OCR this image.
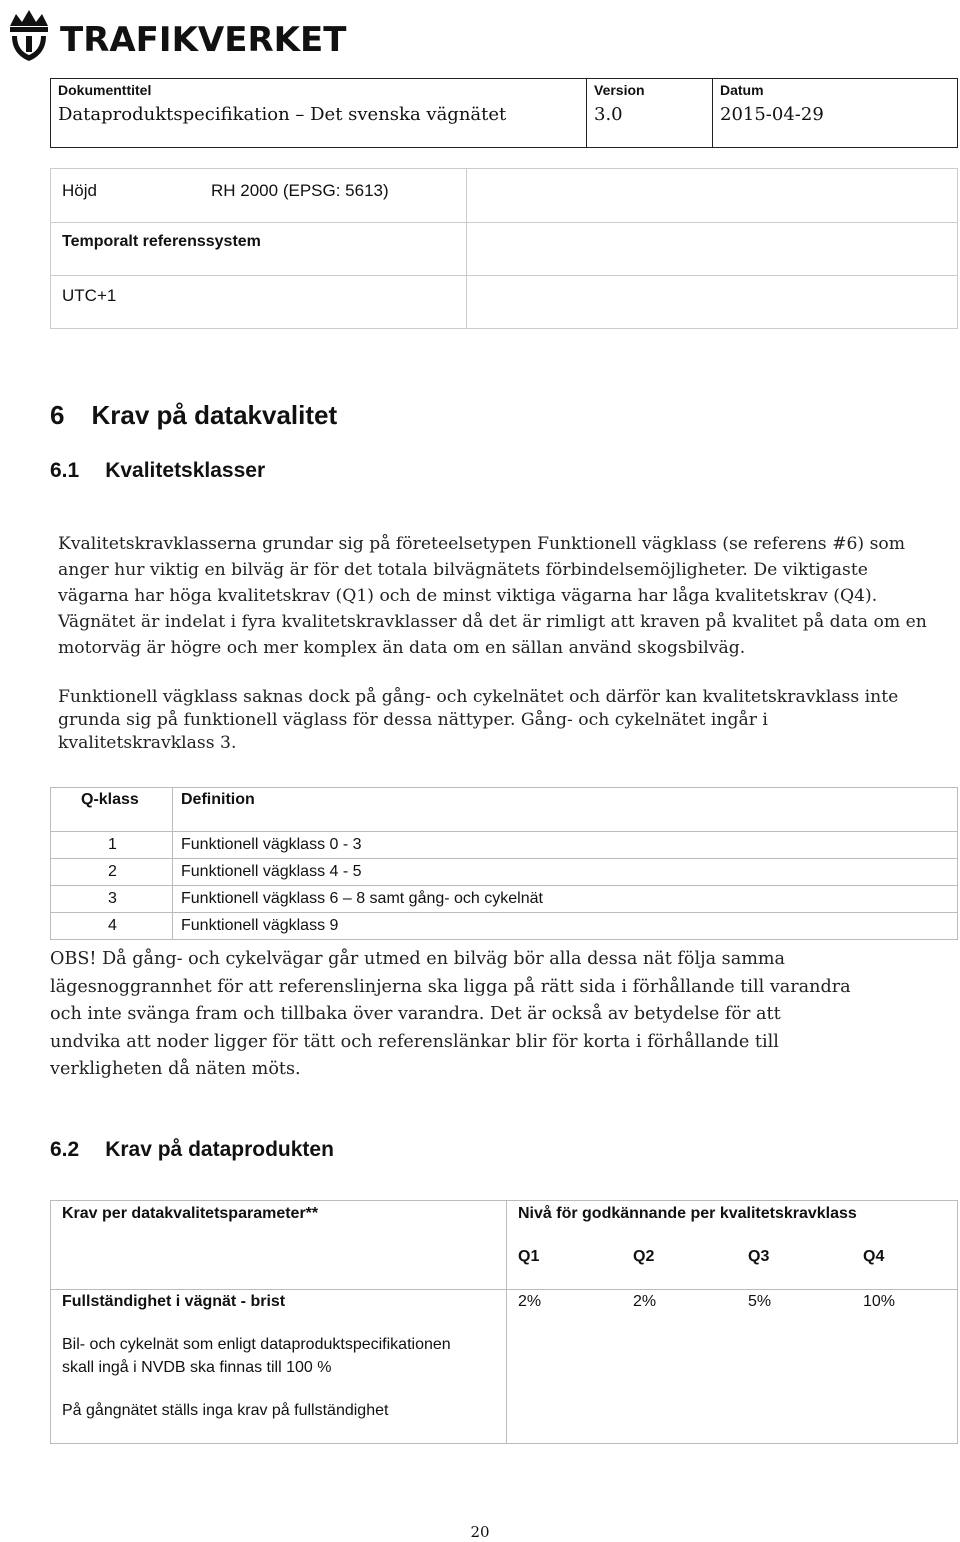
TRAFIKVERKET
Dokumenttitel
Dataproduktspecifikation – Det svenska vägnätet
Version
3.0
Datum
2015-04-29
Höjd	RH 2000 (EPSG: 5613)
Temporalt referenssystem
UTC+1
6 Krav på datakvalitet
6.1 Kvalitetsklasser
Kvalitetskravklasserna grundar sig på företeelsetypen Funktionell vägklass (se referens #6) som
anger hur viktig en bilväg är för det totala bilvägnätets förbindelsemöjligheter. De viktigaste
vägarna har höga kvalitetskrav (Q1) och de minst viktiga vägarna har låga kvalitetskrav (Q4).
Vägnätet är indelat i fyra kvalitetskravklasser då det är rimligt att kraven på kvalitet på data om en
motorväg är högre och mer komplex än data om en sällan använd skogsbilväg.
Funktionell vägklass saknas dock på gång- och cykelnätet och därför kan kvalitetskravklass inte
grunda sig på funktionell väglass för dessa nättyper. Gång- och cykelnätet ingår i
kvalitetskravklass 3.
Q-klass	Definition
1	Funktionell vägklass 0 - 3
2	Funktionell vägklass 4 - 5
3	Funktionell vägklass 6 – 8 samt gång- och cykelnät
4	Funktionell vägklass 9
OBS! Då gång- och cykelvägar går utmed en bilväg bör alla dessa nät följa samma
lägesnoggrannhet för att referenslinjerna ska ligga på rätt sida i förhållande till varandra
och inte svänga fram och tillbaka över varandra. Det är också av betydelse för att
undvika att noder ligger för tätt och referenslänkar blir för korta i förhållande till
verkligheten då näten möts.
6.2 Krav på dataprodukten
Krav per datakvalitetsparameter**	Nivå för godkännande per kvalitetskravklass
Q1	Q2	Q3	Q4
Fullständighet i vägnät - brist	2%	2%	5%	10%
Bil- och cykelnät som enligt dataproduktspecifikationen
skall ingå i NVDB ska finnas till 100 %
På gångnätet ställs inga krav på fullständighet
20
